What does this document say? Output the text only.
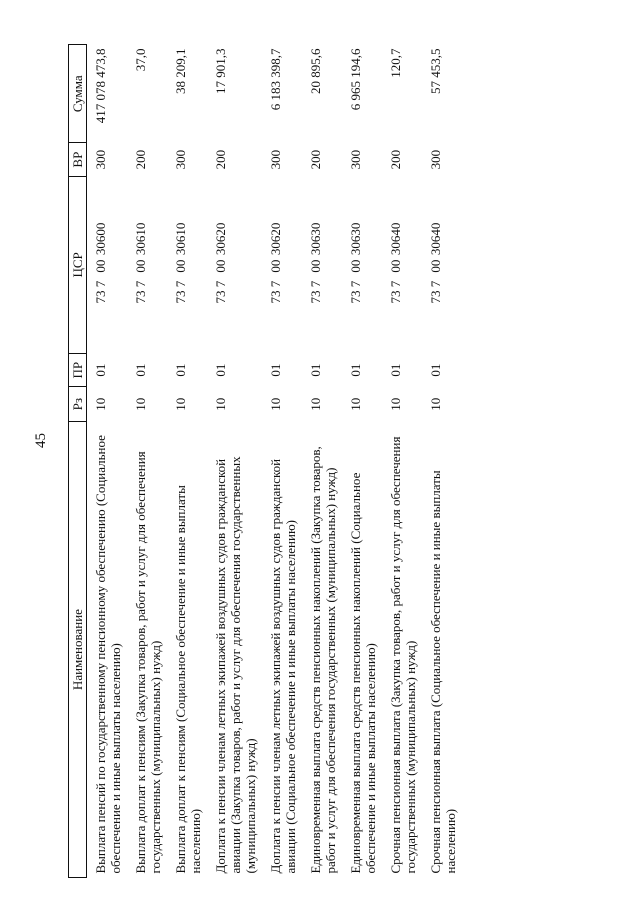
45
Наименование	Рз	ПР	ЦСР	ВР	Сумма
Выплата пенсий по государственному пенсионному обеспечению (Социальное обеспечение и иные выплаты населению)	10	01	73 70030600	300	417 078 473,8
Выплата доплат к пенсиям (Закупка товаров, работ и услуг для обеспечения государственных (муниципальных) нужд)	10	01	73 70030610	200	37,0
Выплата доплат к пенсиям (Социальное обеспечение и иные выплаты населению)	10	01	73 70030610	300	38 209,1
Доплата к пенсии членам летных экипажей воздушных судов гражданской авиации (Закупка товаров, работ и услуг для обеспечения государственных (муниципальных) нужд)	10	01	73 70030620	200	17 901,3
Доплата к пенсии членам летных экипажей воздушных судов гражданской авиации (Социальное обеспечение и иные выплаты населению)	10	01	73 70030620	300	6 183 398,7
Единовременная выплата средств пенсионных накоплений (Закупка товаров, работ и услуг для обеспечения государственных (муниципальных) нужд)	10	01	73 70030630	200	20 895,6
Единовременная выплата средств пенсионных накоплений (Социальное обеспечение и иные выплаты населению)	10	01	73 70030630	300	6 965 194,6
Срочная пенсионная выплата (Закупка товаров, работ и услуг для обеспечения государственных (муниципальных) нужд)	10	01	73 70030640	200	120,7
Срочная пенсионная выплата (Социальное обеспечение и иные выплаты населению)	10	01	73 70030640	300	57 453,5
